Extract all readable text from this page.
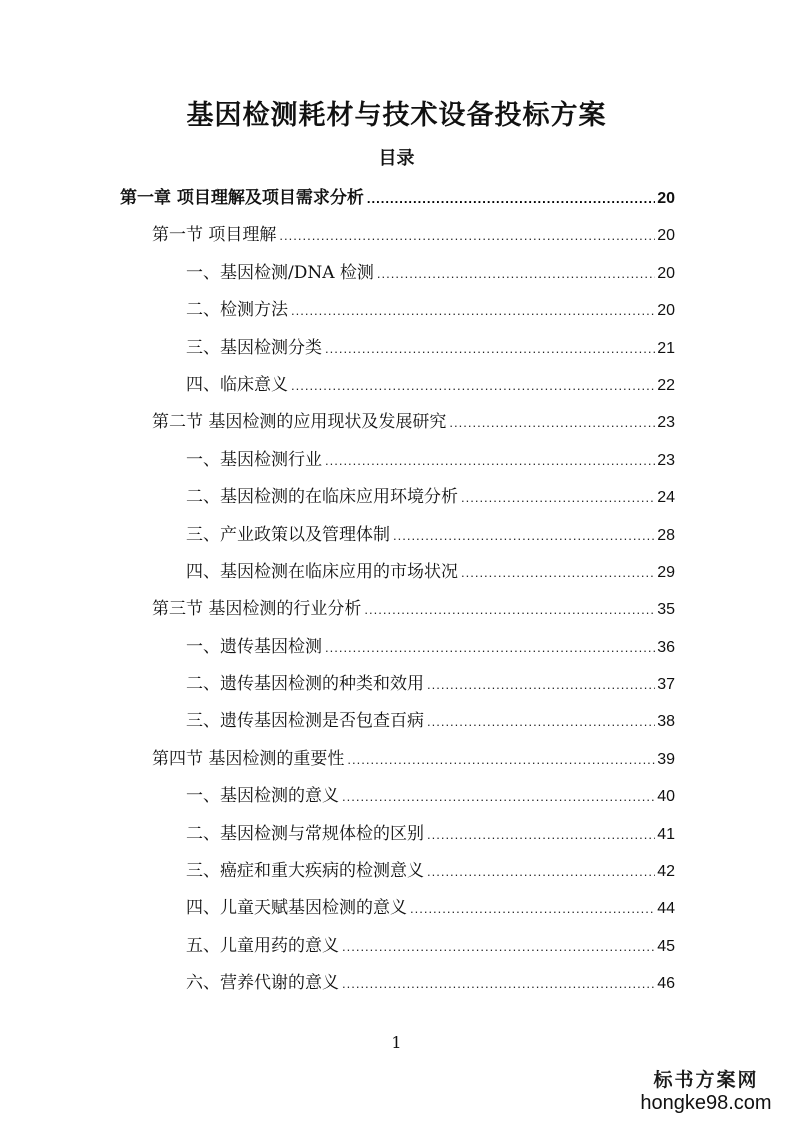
基因检测耗材与技术设备投标方案
目录
第一章 项目理解及项目需求分析 .....	20
第一节 项目理解 .....	20
一、基因检测/DNA 检测 .....	20
二、检测方法 .....	20
三、基因检测分类 .....	21
四、临床意义 .....	22
第二节 基因检测的应用现状及发展研究 .....	23
一、基因检测行业 .....	23
二、基因检测的在临床应用环境分析 .....	24
三、产业政策以及管理体制 .....	28
四、基因检测在临床应用的市场状况 .....	29
第三节 基因检测的行业分析 .....	35
一、遗传基因检测 .....	36
二、遗传基因检测的种类和效用 .....	37
三、遗传基因检测是否包查百病 .....	38
第四节 基因检测的重要性 .....	39
一、基因检测的意义 .....	40
二、基因检测与常规体检的区别 .....	41
三、癌症和重大疾病的检测意义 .....	42
四、儿童天赋基因检测的意义 .....	44
五、儿童用药的意义 .....	45
六、营养代谢的意义 .....	46
1
标书方案网
hongke98.com
